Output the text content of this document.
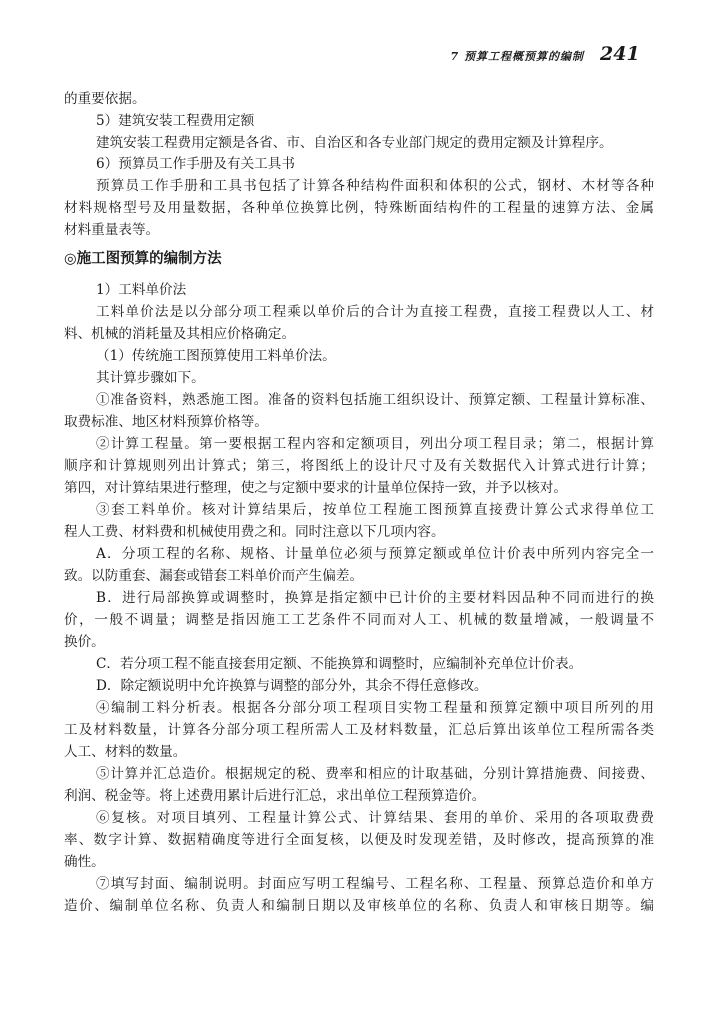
7 预算工程概预算的编制 241
的重要依据。
5）建筑安装工程费用定额
建筑安装工程费用定额是各省、市、自治区和各专业部门规定的费用定额及计算程序。
6）预算员工作手册及有关工具书
预算员工作手册和工具书包括了计算各种结构件面积和体积的公式，钢材、木材等各种
材料规格型号及用量数据，各种单位换算比例，特殊断面结构件的工程量的速算方法、金属
材料重量表等。
◎施工图预算的编制方法
1）工料单价法
工料单价法是以分部分项工程乘以单价后的合计为直接工程费，直接工程费以人工、材
料、机械的消耗量及其相应价格确定。
（1）传统施工图预算使用工料单价法。
其计算步骤如下。
①准备资料，熟悉施工图。准备的资料包括施工组织设计、预算定额、工程量计算标准、
取费标准、地区材料预算价格等。
②计算工程量。第一要根据工程内容和定额项目，列出分项工程目录；第二，根据计算
顺序和计算规则列出计算式；第三，将图纸上的设计尺寸及有关数据代入计算式进行计算；
第四，对计算结果进行整理，使之与定额中要求的计量单位保持一致，并予以核对。
③套工料单价。核对计算结果后，按单位工程施工图预算直接费计算公式求得单位工
程人工费、材料费和机械使用费之和。同时注意以下几项内容。
A．分项工程的名称、规格、计量单位必须与预算定额或单位计价表中所列内容完全一
致。以防重套、漏套或错套工料单价而产生偏差。
B．进行局部换算或调整时，换算是指定额中已计价的主要材料因品种不同而进行的换
价，一般不调量；调整是指因施工工艺条件不同而对人工、机械的数量增减，一般调量不
换价。
C．若分项工程不能直接套用定额、不能换算和调整时，应编制补充单位计价表。
D．除定额说明中允许换算与调整的部分外，其余不得任意修改。
④编制工料分析表。根据各分部分项工程项目实物工程量和预算定额中项目所列的用
工及材料数量，计算各分部分项工程所需人工及材料数量，汇总后算出该单位工程所需各类
人工、材料的数量。
⑤计算并汇总造价。根据规定的税、费率和相应的计取基础，分别计算措施费、间接费、
利润、税金等。将上述费用累计后进行汇总，求出单位工程预算造价。
⑥复核。对项目填列、工程量计算公式、计算结果、套用的单价、采用的各项取费费
率、数字计算、数据精确度等进行全面复核，以便及时发现差错，及时修改，提高预算的准
确性。
⑦填写封面、编制说明。封面应写明工程编号、工程名称、工程量、预算总造价和单方
造价、编制单位名称、负责人和编制日期以及审核单位的名称、负责人和审核日期等。编
